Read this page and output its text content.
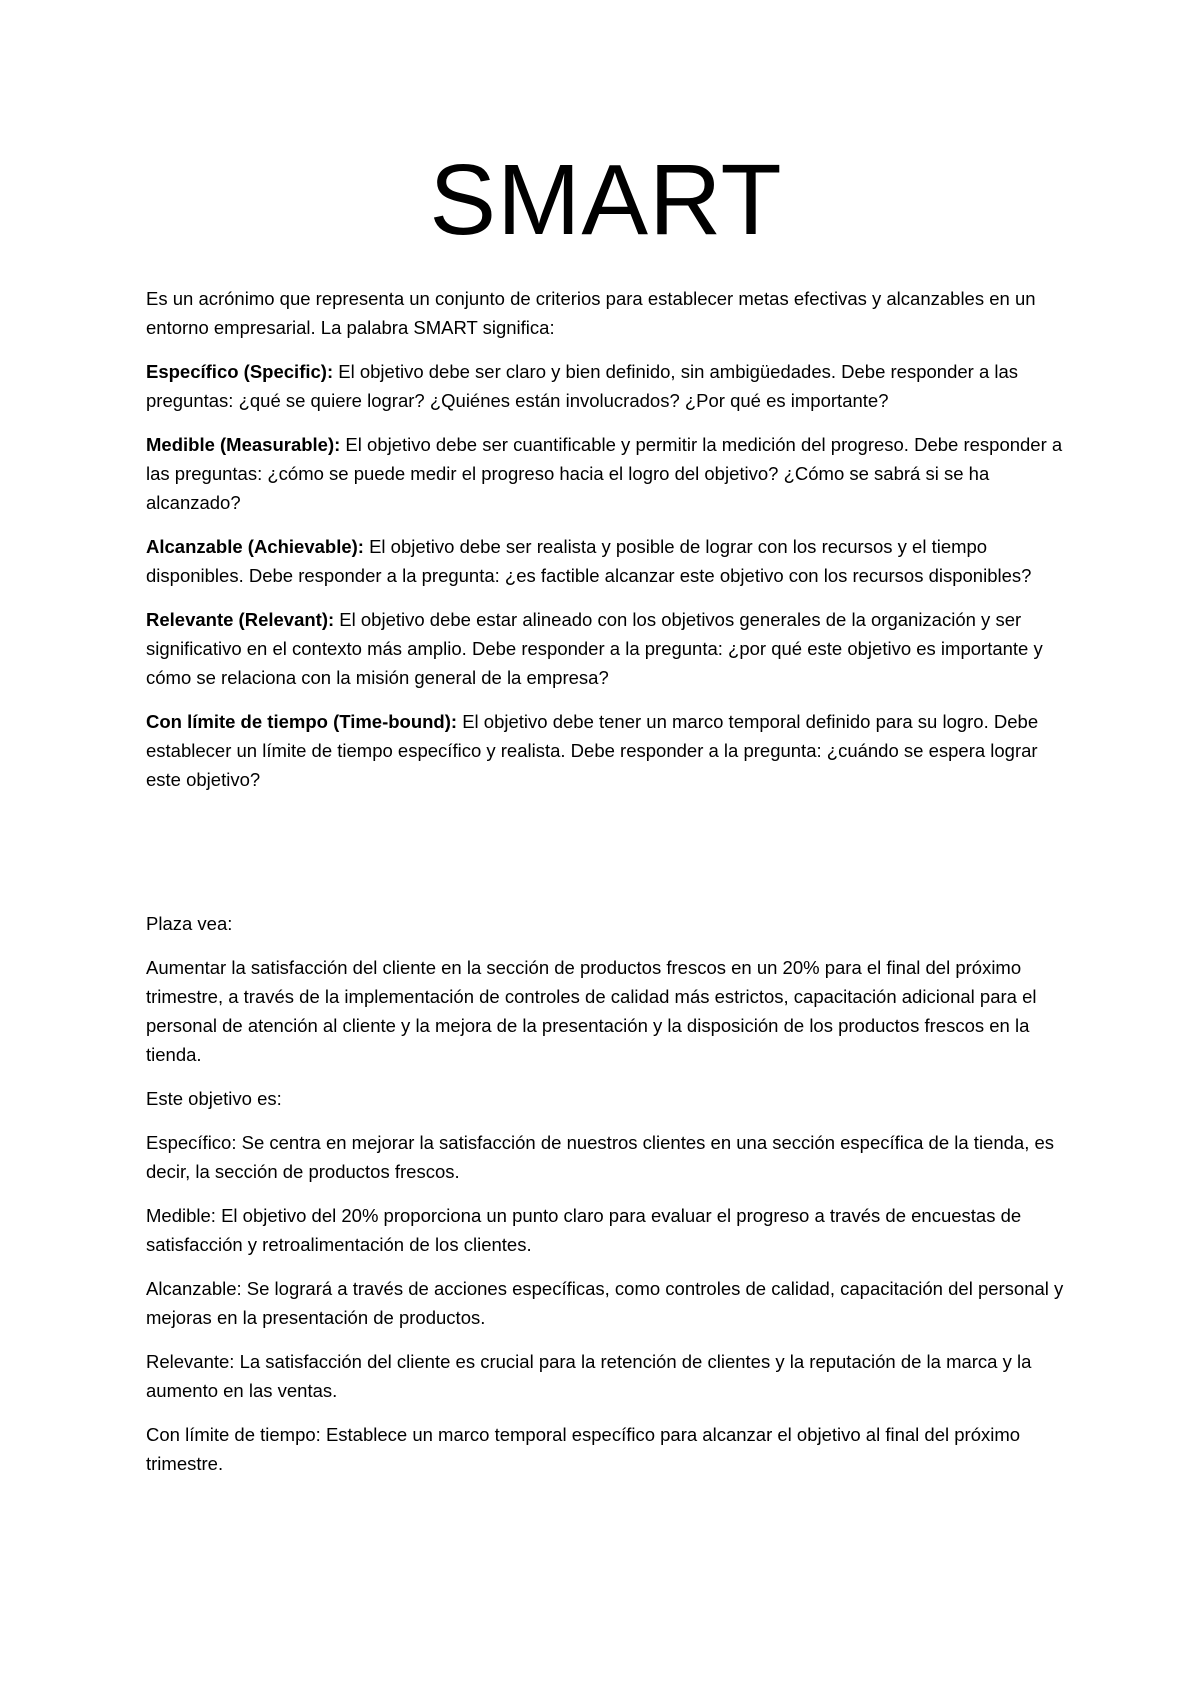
SMART

Es un acrónimo que representa un conjunto de criterios para establecer metas efectivas y alcanzables en un entorno empresarial. La palabra SMART significa:

Específico (Specific): El objetivo debe ser claro y bien definido, sin ambigüedades. Debe responder a las preguntas: ¿qué se quiere lograr? ¿Quiénes están involucrados? ¿Por qué es importante?

Medible (Measurable): El objetivo debe ser cuantificable y permitir la medición del progreso. Debe responder a las preguntas: ¿cómo se puede medir el progreso hacia el logro del objetivo? ¿Cómo se sabrá si se ha alcanzado?

Alcanzable (Achievable): El objetivo debe ser realista y posible de lograr con los recursos y el tiempo disponibles. Debe responder a la pregunta: ¿es factible alcanzar este objetivo con los recursos disponibles?

Relevante (Relevant): El objetivo debe estar alineado con los objetivos generales de la organización y ser significativo en el contexto más amplio. Debe responder a la pregunta: ¿por qué este objetivo es importante y cómo se relaciona con la misión general de la empresa?

Con límite de tiempo (Time-bound): El objetivo debe tener un marco temporal definido para su logro. Debe establecer un límite de tiempo específico y realista. Debe responder a la pregunta: ¿cuándo se espera lograr este objetivo?

Plaza vea:

Aumentar la satisfacción del cliente en la sección de productos frescos en un 20% para el final del próximo trimestre, a través de la implementación de controles de calidad más estrictos, capacitación adicional para el personal de atención al cliente y la mejora de la presentación y la disposición de los productos frescos en la tienda.

Este objetivo es:

Específico: Se centra en mejorar la satisfacción de nuestros clientes en una sección específica de la tienda, es decir, la sección de productos frescos.

Medible: El objetivo del 20% proporciona un punto claro para evaluar el progreso a través de encuestas de satisfacción y retroalimentación de los clientes.

Alcanzable: Se logrará a través de acciones específicas, como controles de calidad, capacitación del personal y mejoras en la presentación de productos.

Relevante: La satisfacción del cliente es crucial para la retención de clientes y la reputación de la marca y la aumento en las ventas.

Con límite de tiempo: Establece un marco temporal específico para alcanzar el objetivo al final del próximo trimestre.
